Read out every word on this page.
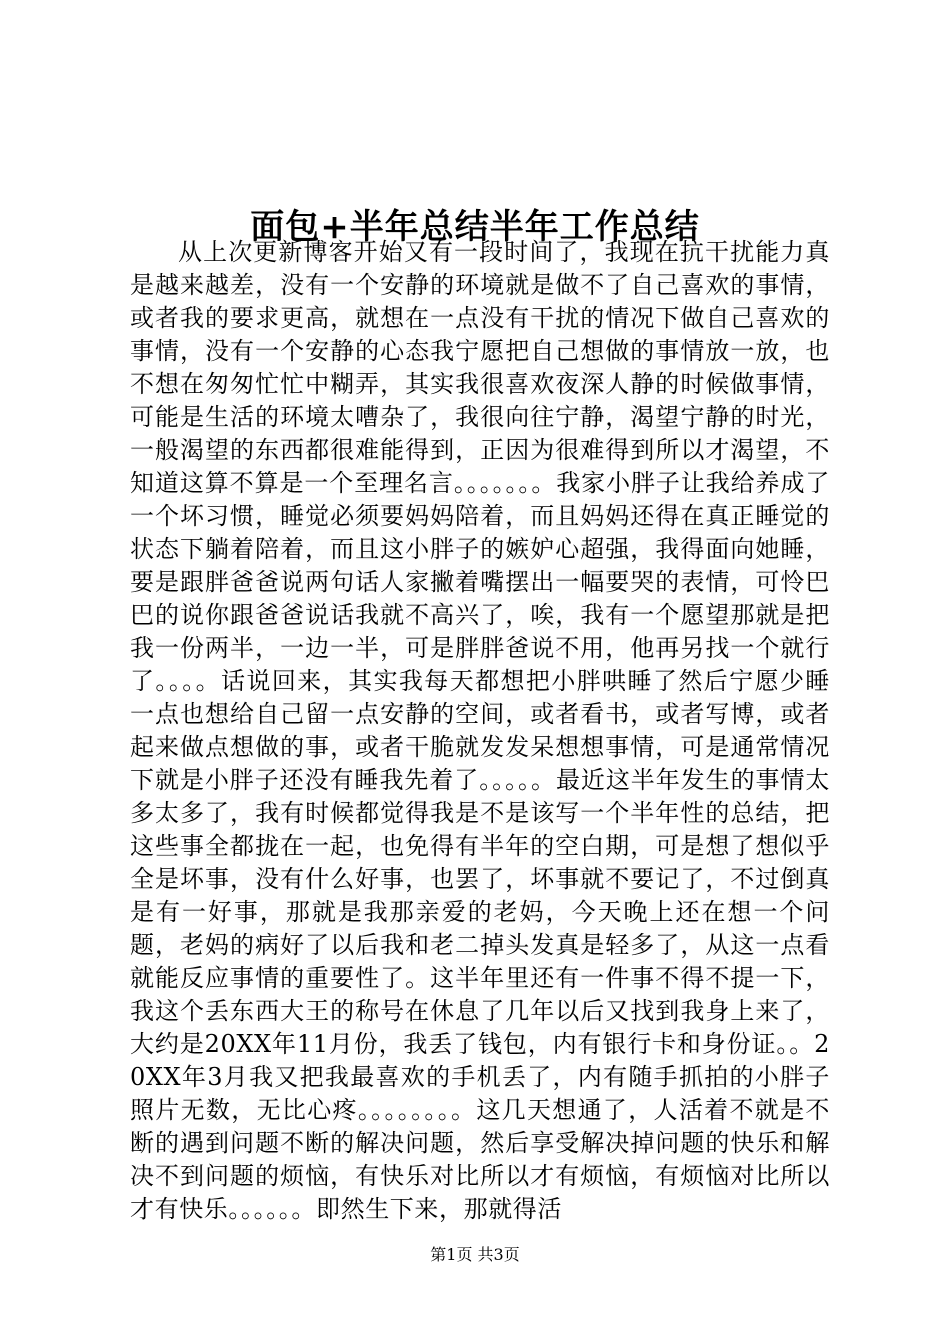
面包+半年总结半年工作总结

从上次更新博客开始又有一段时间了，我现在抗干扰能力真是越来越差，没有一个安静的环境就是做不了自己喜欢的事情，或者我的要求更高，就想在一点没有干扰的情况下做自己喜欢的事情，没有一个安静的心态我宁愿把自己想做的事情放一放，也不想在匆匆忙忙中糊弄，其实我很喜欢夜深人静的时候做事情，可能是生活的环境太嘈杂了，我很向往宁静，渴望宁静的时光，一般渴望的东西都很难能得到，正因为很难得到所以才渴望，不知道这算不算是一个至理名言。。。。。。。我家小胖子让我给养成了一个坏习惯，睡觉必须要妈妈陪着，而且妈妈还得在真正睡觉的状态下躺着陪着，而且这小胖子的嫉妒心超强，我得面向她睡，要是跟胖爸爸说两句话人家撇着嘴摆出一幅要哭的表情，可怜巴巴的说你跟爸爸说话我就不高兴了，唉，我有一个愿望那就是把我一份两半，一边一半，可是胖胖爸说不用，他再另找一个就行了。。。。话说回来，其实我每天都想把小胖哄睡了然后宁愿少睡一点也想给自己留一点安静的空间，或者看书，或者写博，或者起来做点想做的事，或者干脆就发发呆想想事情，可是通常情况下就是小胖子还没有睡我先着了。。。。。最近这半年发生的事情太多太多了，我有时候都觉得我是不是该写一个半年性的总结，把这些事全都拢在一起，也免得有半年的空白期，可是想了想似乎全是坏事，没有什么好事，也罢了，坏事就不要记了，不过倒真是有一好事，那就是我那亲爱的老妈，今天晚上还在想一个问题，老妈的病好了以后我和老二掉头发真是轻多了，从这一点看就能反应事情的重要性了。这半年里还有一件事不得不提一下，我这个丢东西大王的称号在休息了几年以后又找到我身上来了，大约是20XX年11月份，我丢了钱包，内有银行卡和身份证。。20XX年3月我又把我最喜欢的手机丢了，内有随手抓拍的小胖子照片无数，无比心疼。。。。。。。。这几天想通了，人活着不就是不断的遇到问题不断的解决问题，然后享受解决掉问题的快乐和解决不到问题的烦恼，有快乐对比所以才有烦恼，有烦恼对比所以才有快乐。。。。。。即然生下来，那就得活

第1页 共3页
